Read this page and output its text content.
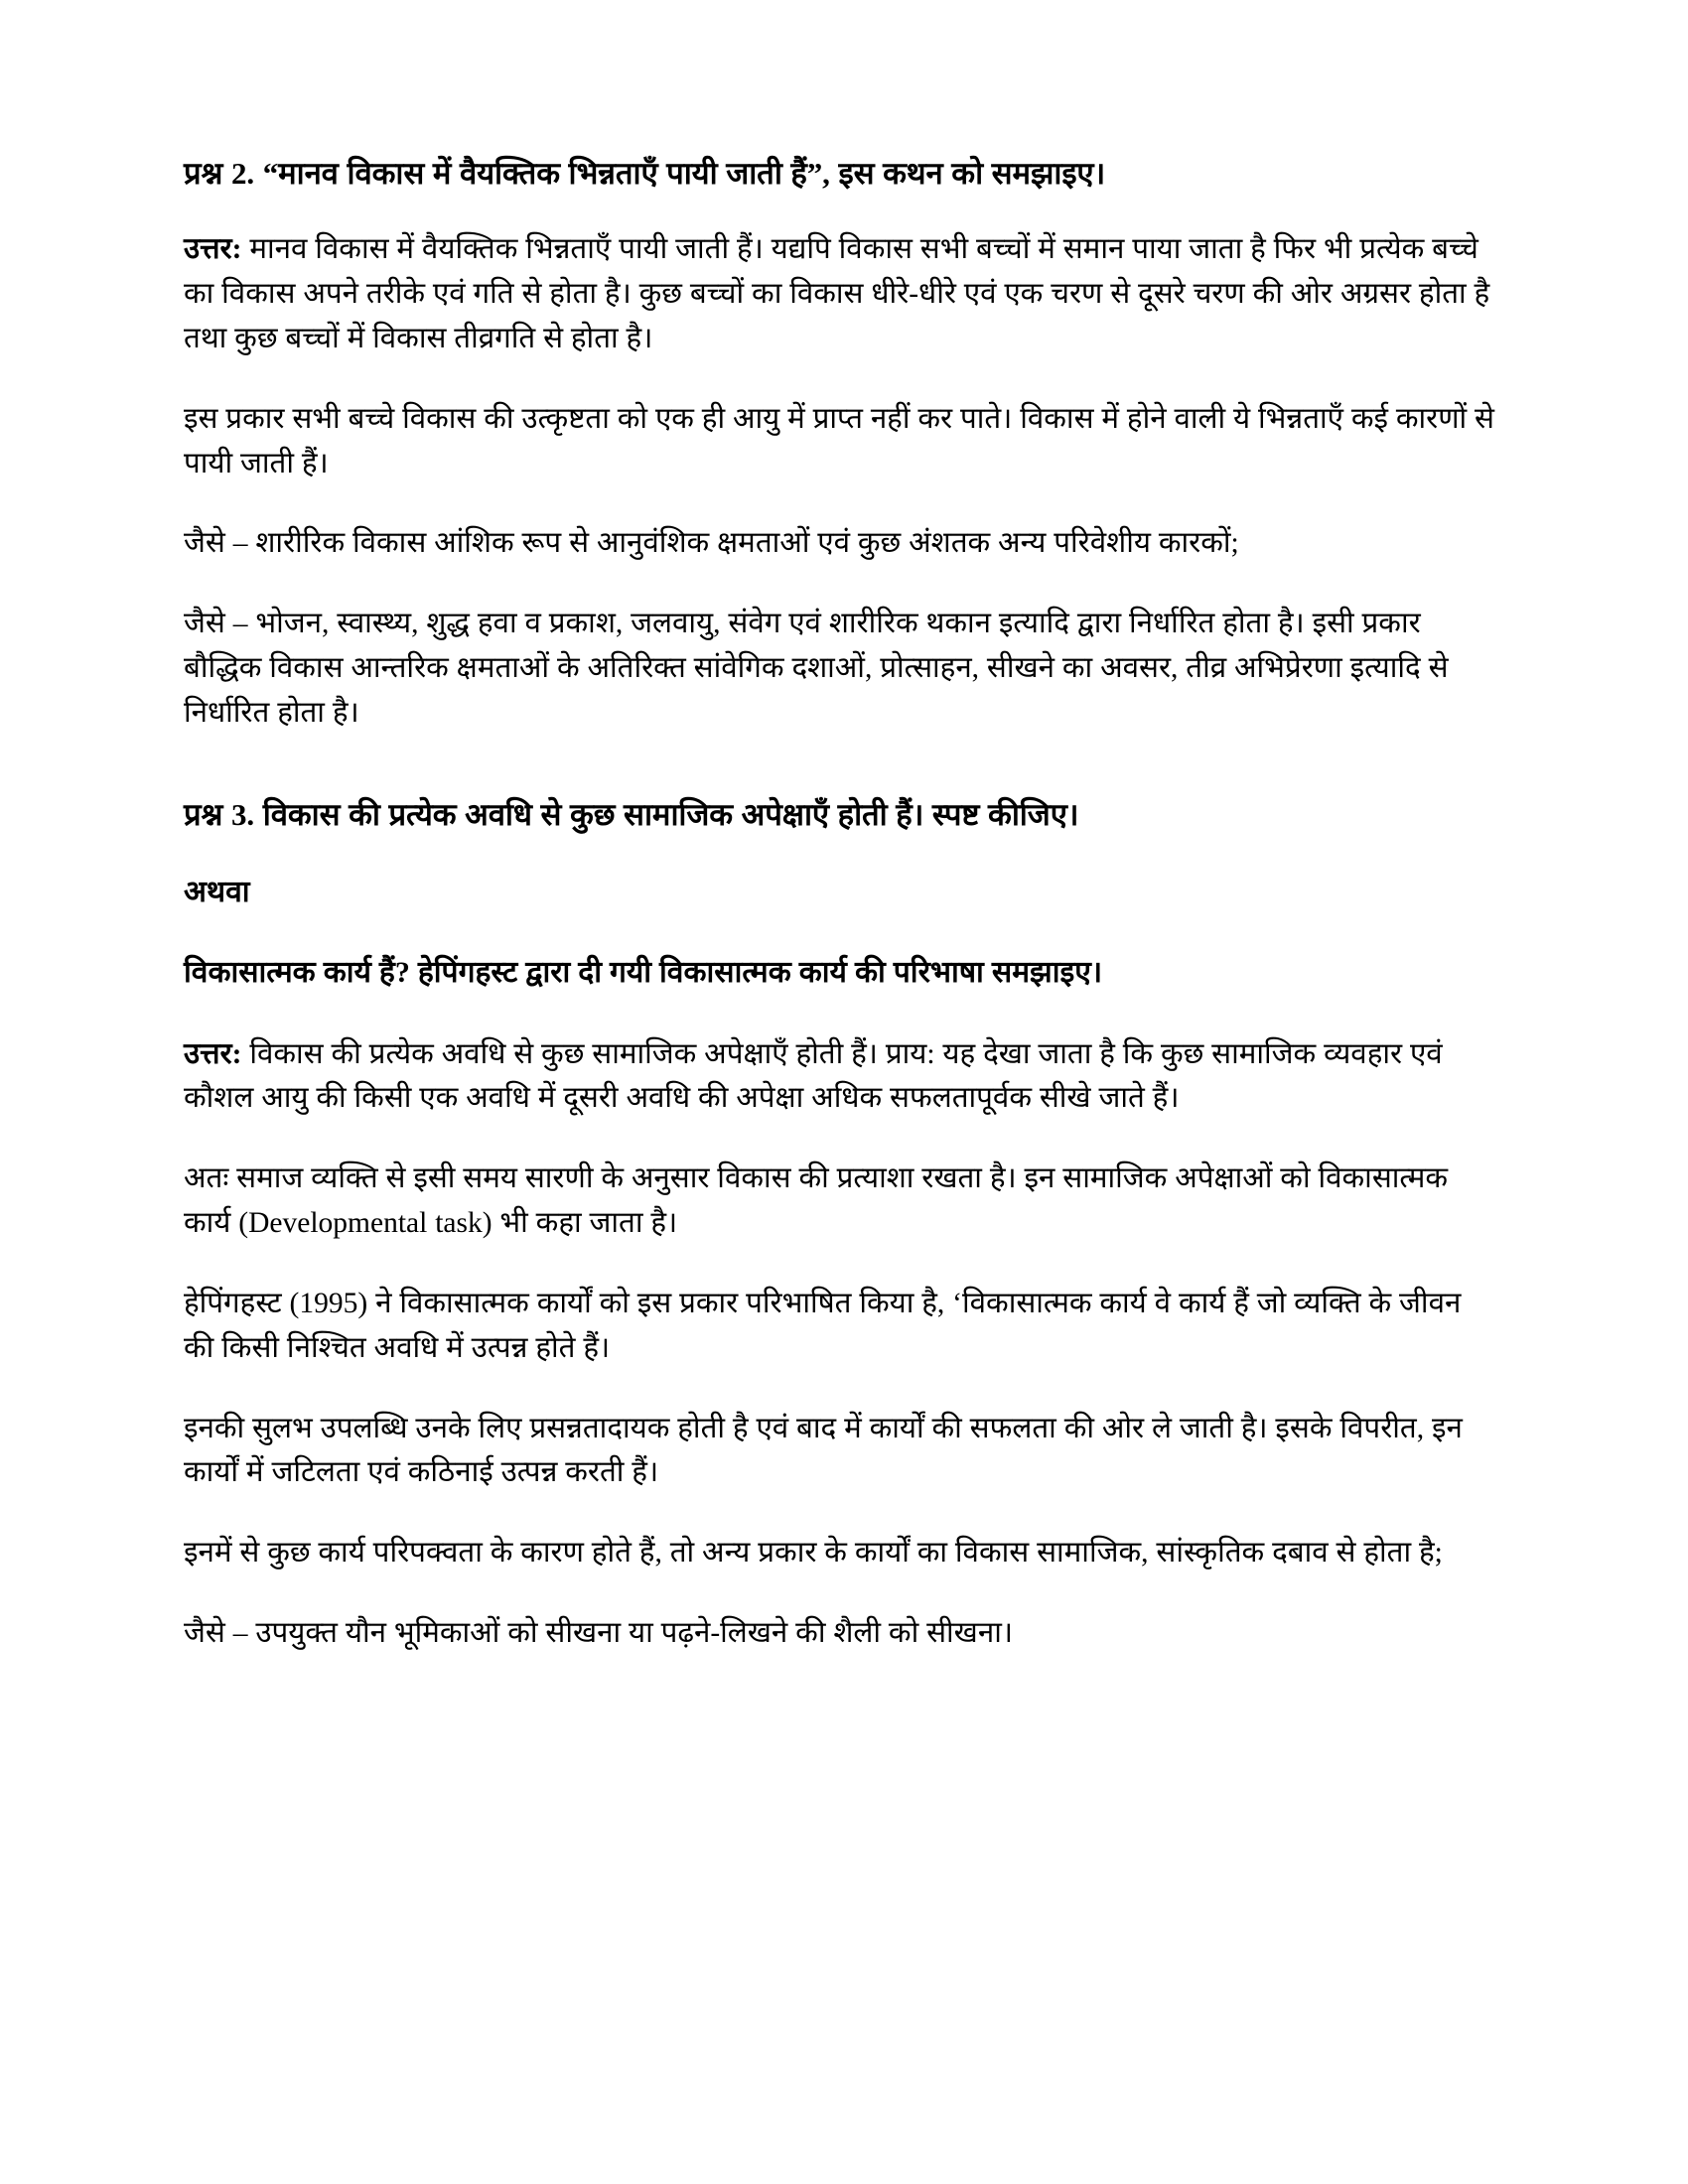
प्रश्न 2. “मानव विकास में वैयक्तिक भिन्नताएँ पायी जाती हैं”, इस कथन को समझाइए।

उत्तर: मानव विकास में वैयक्तिक भिन्नताएँ पायी जाती हैं। यद्यपि विकास सभी बच्चों में समान पाया जाता है फिर भी प्रत्येक बच्चे का विकास अपने तरीके एवं गति से होता है। कुछ बच्चों का विकास धीरे-धीरे एवं एक चरण से दूसरे चरण की ओर अग्रसर होता है तथा कुछ बच्चों में विकास तीव्रगति से होता है।

इस प्रकार सभी बच्चे विकास की उत्कृष्टता को एक ही आयु में प्राप्त नहीं कर पाते। विकास में होने वाली ये भिन्नताएँ कई कारणों से पायी जाती हैं।

जैसे – शारीरिक विकास आंशिक रूप से आनुवंशिक क्षमताओं एवं कुछ अंशतक अन्य परिवेशीय कारकों;

जैसे – भोजन, स्वास्थ्य, शुद्ध हवा व प्रकाश, जलवायु, संवेग एवं शारीरिक थकान इत्यादि द्वारा निर्धारित होता है। इसी प्रकार बौद्धिक विकास आन्तरिक क्षमताओं के अतिरिक्त सांवेगिक दशाओं, प्रोत्साहन, सीखने का अवसर, तीव्र अभिप्रेरणा इत्यादि से निर्धारित होता है।

प्रश्न 3. विकास की प्रत्येक अवधि से कुछ सामाजिक अपेक्षाएँ होती हैं। स्पष्ट कीजिए।
अथवा
विकासात्मक कार्य हैं? हेपिंगहस्ट द्वारा दी गयी विकासात्मक कार्य की परिभाषा समझाइए।

उत्तर: विकास की प्रत्येक अवधि से कुछ सामाजिक अपेक्षाएँ होती हैं। प्राय: यह देखा जाता है कि कुछ सामाजिक व्यवहार एवं कौशल आयु की किसी एक अवधि में दूसरी अवधि की अपेक्षा अधिक सफलतापूर्वक सीखे जाते हैं।

अतः समाज व्यक्ति से इसी समय सारणी के अनुसार विकास की प्रत्याशा रखता है। इन सामाजिक अपेक्षाओं को विकासात्मक कार्य (Developmental task) भी कहा जाता है।

हेपिंगहस्ट (1995) ने विकासात्मक कार्यों को इस प्रकार परिभाषित किया है, ‘विकासात्मक कार्य वे कार्य हैं जो व्यक्ति के जीवन की किसी निश्चित अवधि में उत्पन्न होते हैं।

इनकी सुलभ उपलब्धि उनके लिए प्रसन्नतादायक होती है एवं बाद में कार्यों की सफलता की ओर ले जाती है। इसके विपरीत, इन कार्यों में जटिलता एवं कठिनाई उत्पन्न करती हैं।

इनमें से कुछ कार्य परिपक्वता के कारण होते हैं, तो अन्य प्रकार के कार्यों का विकास सामाजिक, सांस्कृतिक दबाव से होता है;

जैसे – उपयुक्त यौन भूमिकाओं को सीखना या पढ़ने-लिखने की शैली को सीखना।
